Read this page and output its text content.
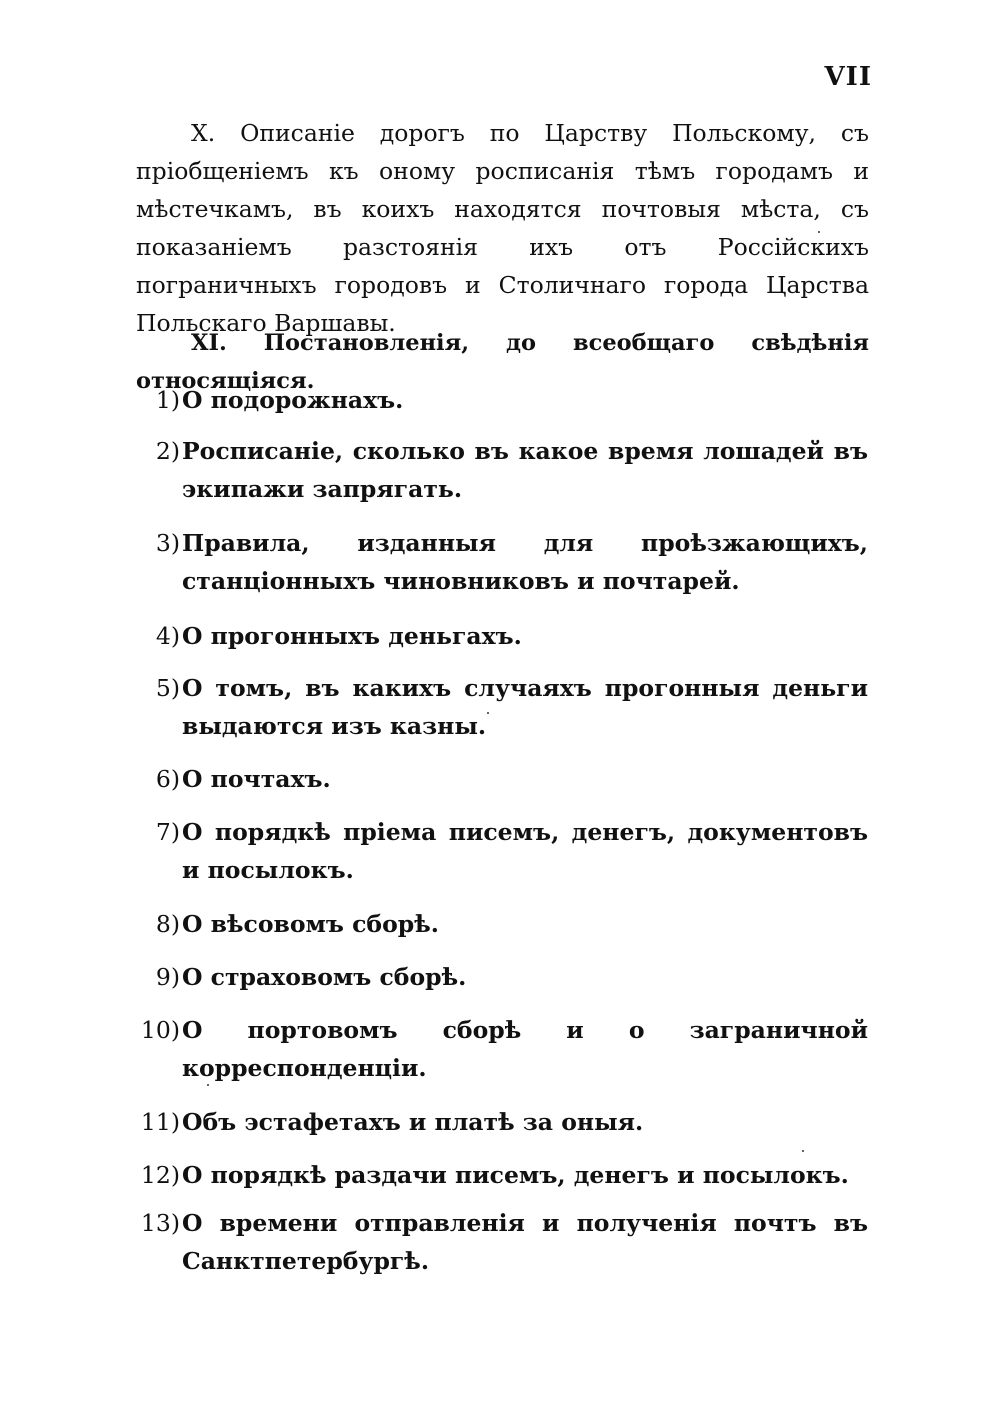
VII

X. Описаніе дорогъ по Царству Польскому, съ пріобщеніемъ къ оному росписанія тѣмъ городамъ и мѣстечкамъ, въ коихъ находятся почтовыя мѣста, съ показаніемъ разстоянія ихъ отъ Россійскихъ пограничныхъ городовъ и Столичнаго города Царства Польскаго Варшавы.

XI. Постановленія, до всеобщаго свѣдѣнія относящіяся.

1) О подорожнахъ.
2) Росписаніе, сколько въ какое время лошадей въ экипажи запрягать.
3) Правила, изданныя для проѣзжающихъ, станціонныхъ чиновниковъ и почтарей.
4) О прогонныхъ деньгахъ.
5) О томъ, въ какихъ случаяхъ прогонныя деньги выдаются изъ казны.
6) О почтахъ.
7) О порядкѣ пріема писемъ, денегъ, документовъ и посылокъ.
8) О вѣсовомъ сборѣ.
9) О страховомъ сборѣ.
10) О портовомъ сборѣ и о заграничной корреспонденціи.
11) Объ эстафетахъ и платѣ за оныя.
12) О порядкѣ раздачи писемъ, денегъ и посылокъ.
13) О времени отправленія и полученія почтъ въ Санктпетербургѣ.
